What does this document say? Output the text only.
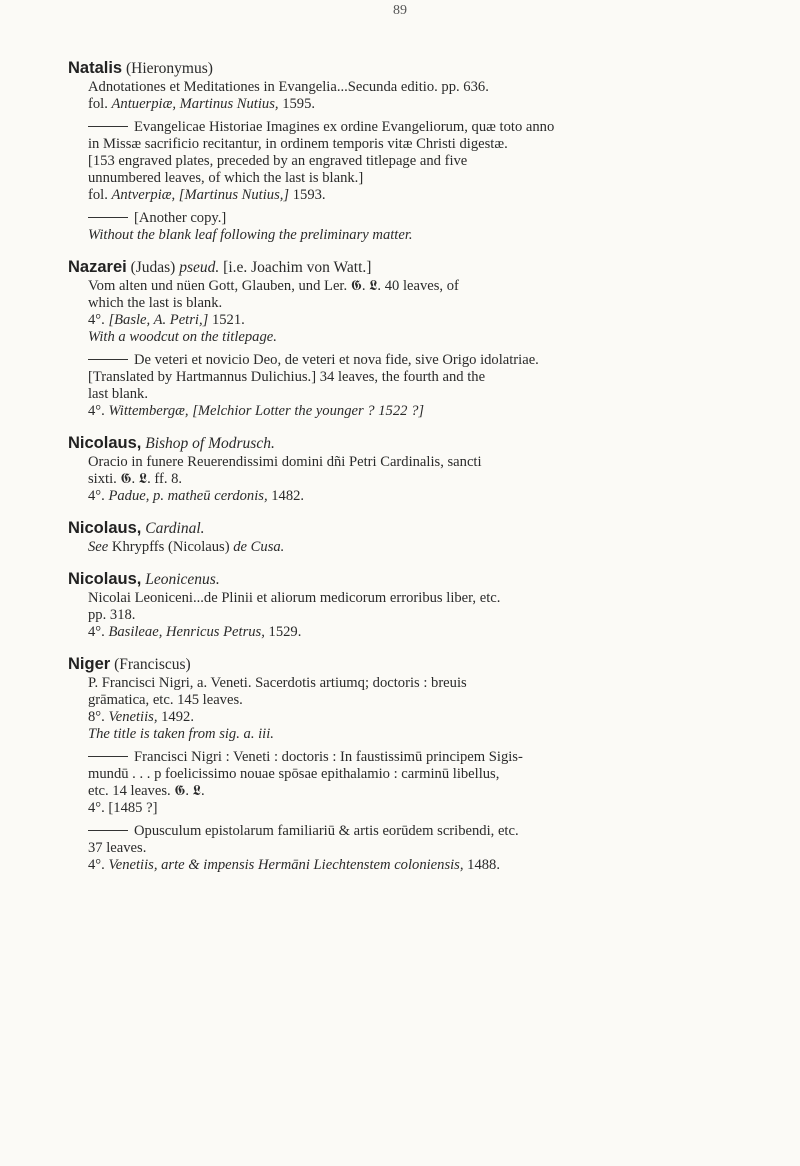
89

Natalis (Hieronymus)

Adnotationes et Meditationes in Evangelia...Secunda editio. pp. 636.

fol. Antuerpiæ, Martinus Nutius, 1595.

Evangelicae Historiae Imagines ex ordine Evangeliorum, quæ toto anno

in Missæ sacrificio recitantur, in ordinem temporis vitæ Christi digestæ.

[153 engraved plates, preceded by an engraved titlepage and five

unnumbered leaves, of which the last is blank.]

fol. Antverpiæ, [Martinus Nutius,] 1593.

[Another copy.]

Without the blank leaf following the preliminary matter.

Nazarei (Judas) pseud. [i.e. Joachim von Watt.]

Vom alten und nüen Gott, Glauben, und Ler. 𝕲. 𝕷. 40 leaves, of

which the last is blank.

4°. [Basle, A. Petri,] 1521.

With a woodcut on the titlepage.

De veteri et novicio Deo, de veteri et nova fide, sive Origo idolatriae.

[Translated by Hartmannus Dulichius.] 34 leaves, the fourth and the

last blank.

4°. Wittembergæ, [Melchior Lotter the younger ? 1522 ?]

Nicolaus, Bishop of Modrusch.

Oracio in funere Reuerendissimi domini dñi Petri Cardinalis, sancti

sixti. 𝕲. 𝕷. ff. 8.

4°. Padue, p. matheū cerdonis, 1482.

Nicolaus, Cardinal.

See Khrypffs (Nicolaus) de Cusa.

Nicolaus, Leonicenus.

Nicolai Leoniceni...de Plinii et aliorum medicorum erroribus liber, etc.

pp. 318.

4°. Basileae, Henricus Petrus, 1529.

Niger (Franciscus)

P. Francisci Nigri, a. Veneti. Sacerdotis artiumq; doctoris : breuis

grāmatica, etc. 145 leaves.

8°. Venetiis, 1492.

The title is taken from sig. a. iii.

Francisci Nigri : Veneti : doctoris : In faustissimū principem Sigis-

mundū . . . p foelicissimo nouae spōsae epithalamio : carminū libellus,

etc. 14 leaves. 𝕲. 𝕷.

4°. [1485 ?]

Opusculum epistolarum familiariū & artis eorūdem scribendi, etc.

37 leaves.

4°. Venetiis, arte & impensis Hermāni Liechtenstem coloniensis, 1488.
